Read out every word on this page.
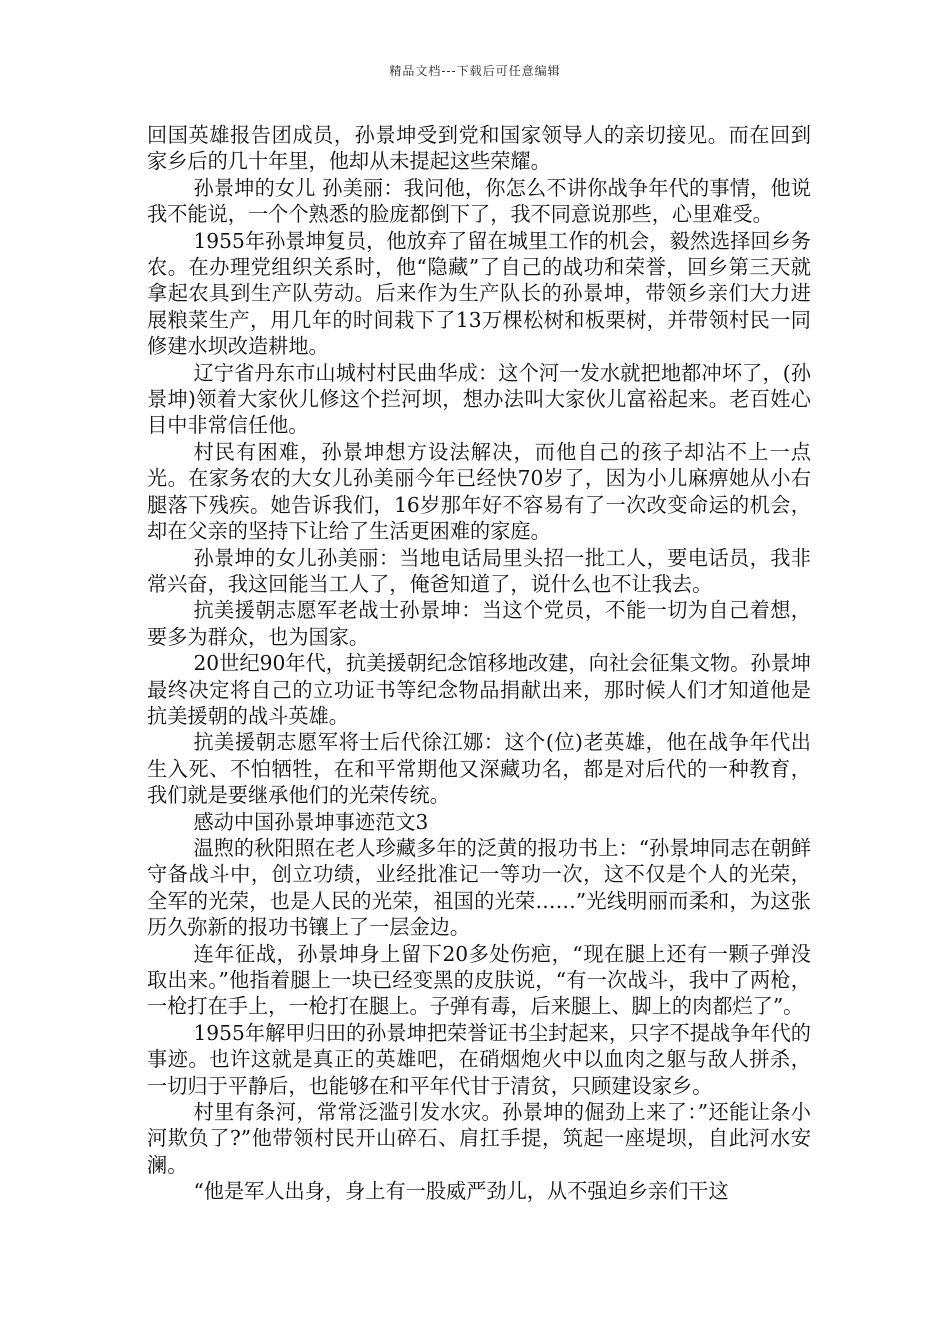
精品文档---下载后可任意编辑

回国英雄报告团成员，孙景坤受到党和国家领导人的亲切接见。而在回到家乡后的几十年里，他却从未提起这些荣耀。

孙景坤的女儿 孙美丽：我问他，你怎么不讲你战争年代的事情，他说我不能说，一个个熟悉的脸庞都倒下了，我不同意说那些，心里难受。

1955年孙景坤复员，他放弃了留在城里工作的机会，毅然选择回乡务农。在办理党组织关系时，他“隐藏”了自己的战功和荣誉，回乡第三天就拿起农具到生产队劳动。后来作为生产队长的孙景坤，带领乡亲们大力进展粮菜生产，用几年的时间栽下了13万棵松树和板栗树，并带领村民一同修建水坝改造耕地。

辽宁省丹东市山城村村民曲华成：这个河一发水就把地都冲坏了，(孙景坤)领着大家伙儿修这个拦河坝，想办法叫大家伙儿富裕起来。老百姓心目中非常信任他。

村民有困难，孙景坤想方设法解决，而他自己的孩子却沾不上一点光。在家务农的大女儿孙美丽今年已经快70岁了，因为小儿麻痹她从小右腿落下残疾。她告诉我们，16岁那年好不容易有了一次改变命运的机会，却在父亲的坚持下让给了生活更困难的家庭。

孙景坤的女儿孙美丽：当地电话局里头招一批工人，要电话员，我非常兴奋，我这回能当工人了，俺爸知道了，说什么也不让我去。

抗美援朝志愿军老战士孙景坤：当这个党员，不能一切为自己着想，要多为群众，也为国家。

20世纪90年代，抗美援朝纪念馆移地改建，向社会征集文物。孙景坤最终决定将自己的立功证书等纪念物品捐献出来，那时候人们才知道他是抗美援朝的战斗英雄。

抗美援朝志愿军将士后代徐江娜：这个(位)老英雄，他在战争年代出生入死、不怕牺牲，在和平常期他又深藏功名，都是对后代的一种教育，我们就是要继承他们的光荣传统。

感动中国孙景坤事迹范文3

温煦的秋阳照在老人珍藏多年的泛黄的报功书上：“孙景坤同志在朝鲜守备战斗中，创立功绩，业经批准记一等功一次，这不仅是个人的光荣，全军的光荣，也是人民的光荣，祖国的光荣……”光线明丽而柔和，为这张历久弥新的报功书镶上了一层金边。

连年征战，孙景坤身上留下20多处伤疤，“现在腿上还有一颗子弹没取出来。”他指着腿上一块已经变黑的皮肤说，“有一次战斗，我中了两枪，一枪打在手上，一枪打在腿上。子弹有毒，后来腿上、脚上的肉都烂了”。

1955年解甲归田的孙景坤把荣誉证书尘封起来，只字不提战争年代的事迹。也许这就是真正的英雄吧，在硝烟炮火中以血肉之躯与敌人拼杀，一切归于平静后，也能够在和平年代甘于清贫，只顾建设家乡。

村里有条河，常常泛滥引发水灾。孙景坤的倔劲上来了：”还能让条小河欺负了?”他带领村民开山碎石、肩扛手提，筑起一座堤坝，自此河水安澜。

“他是军人出身，身上有一股威严劲儿，从不强迫乡亲们干这
